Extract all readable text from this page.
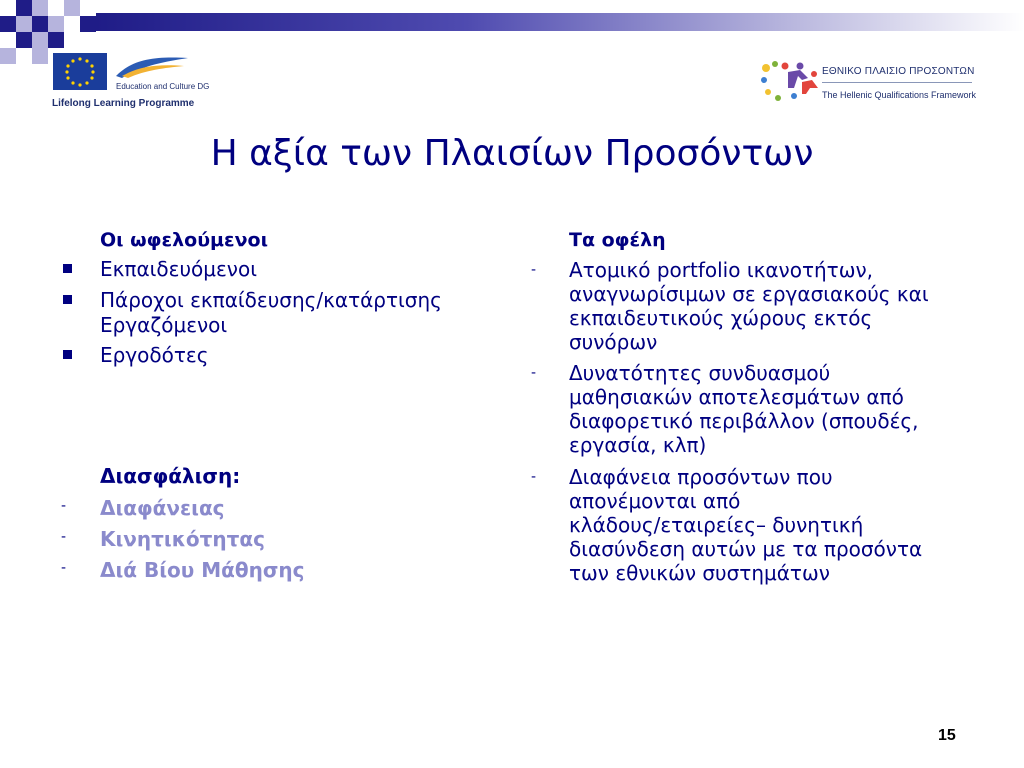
Education and Culture DG
Lifelong Learning Programme
ΕΘΝΙΚΟ ΠΛΑΙΣΙΟ ΠΡΟΣΟΝΤΩΝ
The Hellenic Qualifications Framework
Η αξία των Πλαισίων Προσόντων
Οι ωφελούμενοι
Εκπαιδευόμενοι
Πάροχοι εκπαίδευσης/κατάρτισης
Εργαζόμενοι
Εργοδότες
Διασφάλιση:
- Διαφάνειας
- Κινητικότητας
- Διά Βίου Μάθησης
Τα οφέλη
- Ατομικό portfolio ικανοτήτων,
αναγνωρίσιμων σε εργασιακούς και
εκπαιδευτικούς χώρους εκτός
συνόρων
- Δυνατότητες συνδυασμού
μαθησιακών αποτελεσμάτων από
διαφορετικό περιβάλλον (σπουδές,
εργασία, κλπ)
- Διαφάνεια προσόντων που
απονέμονται από
κλάδους/εταιρείες– δυνητική
διασύνδεση αυτών με τα προσόντα
των εθνικών συστημάτων
15
